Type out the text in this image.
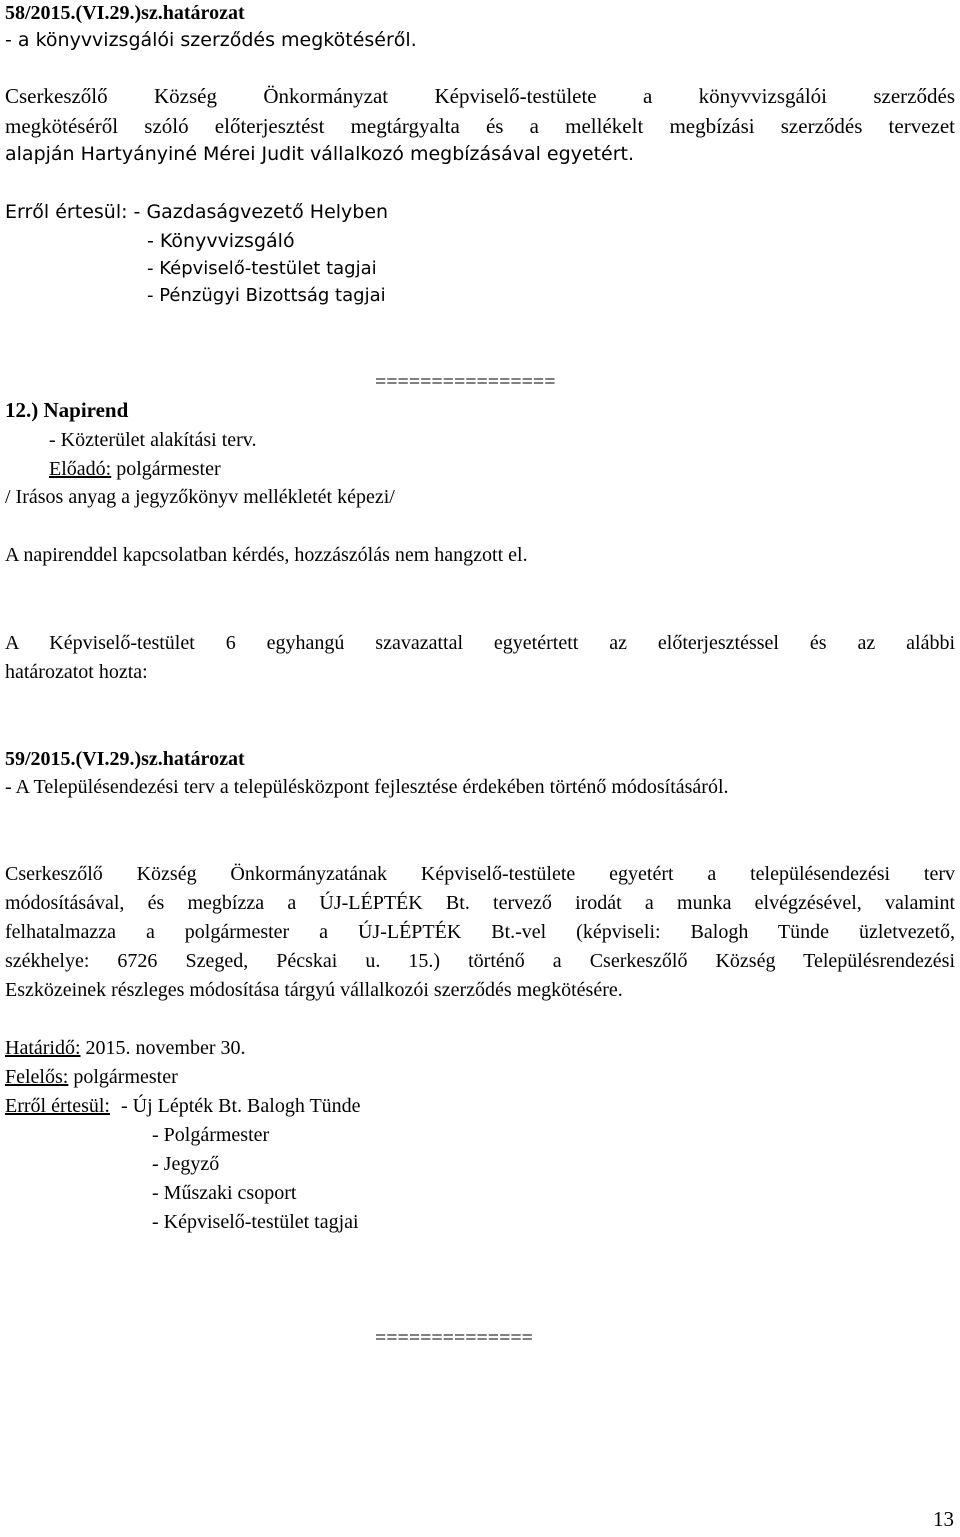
58/2015.(VI.29.)sz.határozat
- a könyvvizsgálói szerződés megkötéséről.
Cserkeszőlő Község Önkormányzat Képviselő-testülete a könyvvizsgálói szerződés
megkötéséről szóló előterjesztést megtárgyalta és a mellékelt megbízási szerződés tervezet
alapján Hartyányiné Mérei Judit vállalkozó megbízásával egyetért.
Erről értesül: - Gazdaságvezető Helyben
- Könyvvizsgáló
- Képviselő-testület tagjai
- Pénzügyi Bizottság tagjai
================
12.) Napirend
- Közterület alakítási terv.
Előadó: polgármester
/ Irásos anyag a jegyzőkönyv mellékletét képezi/
A napirenddel kapcsolatban kérdés, hozzászólás nem hangzott el.
A Képviselő-testület 6 egyhangú szavazattal egyetértett az előterjesztéssel és az alábbi
határozatot hozta:
59/2015.(VI.29.)sz.határozat
- A Településendezési terv a településközpont fejlesztése érdekében történő módosításáról.
Cserkeszőlő Község Önkormányzatának Képviselő-testülete egyetért a településendezési terv
módosításával, és megbízza a ÚJ-LÉPTÉK Bt. tervező irodát a munka elvégzésével, valamint
felhatalmazza a polgármester a ÚJ-LÉPTÉK Bt.-vel (képviseli: Balogh Tünde üzletvezető,
székhelye: 6726 Szeged, Pécskai u. 15.) történő a Cserkeszőlő Község Településrendezési
Eszközeinek részleges módosítása tárgyú vállalkozói szerződés megkötésére.
Határidő: 2015. november 30.
Felelős: polgármester
Erről értesül: - Új Lépték Bt. Balogh Tünde
- Polgármester
- Jegyző
- Műszaki csoport
- Képviselő-testület tagjai
==============
13
